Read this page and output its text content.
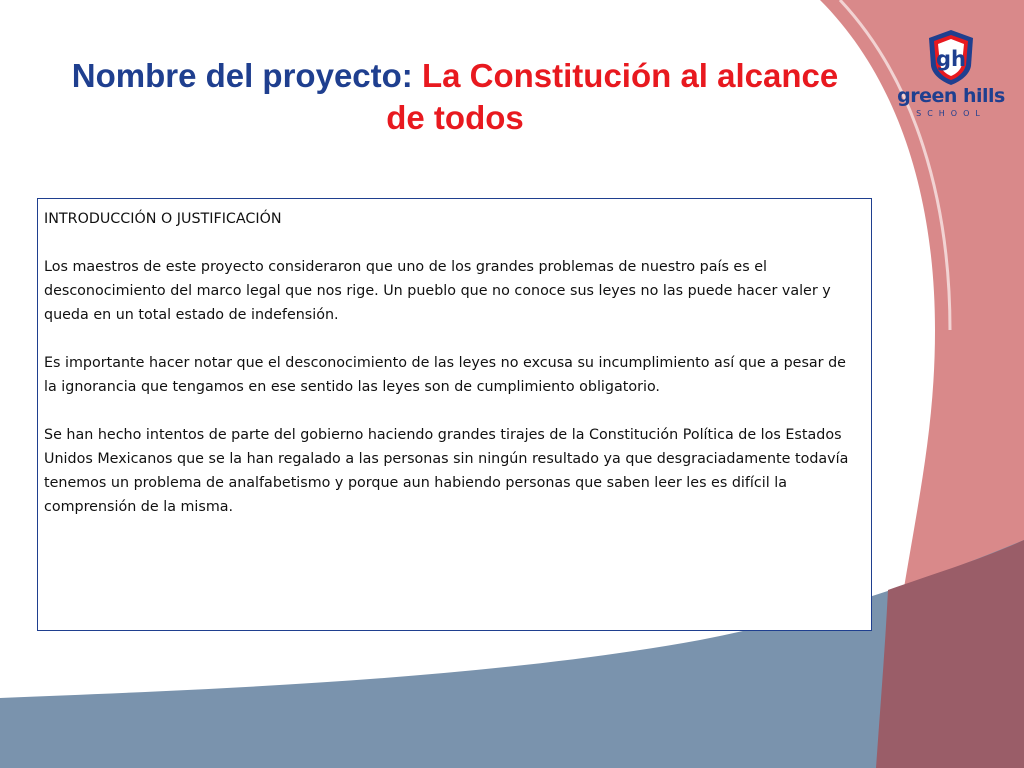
Nombre del proyecto: La Constitución al alcance de todos
gh
green hills
SCHOOL

INTRODUCCIÓN O JUSTIFICACIÓN

Los maestros de este proyecto consideraron que uno de los grandes problemas de nuestro país es el desconocimiento del marco legal que nos rige. Un pueblo que no conoce sus leyes no las puede hacer valer y queda en un total estado de indefensión.

Es importante hacer notar que el desconocimiento de las leyes no excusa su incumplimiento así que a pesar de la ignorancia que tengamos en ese sentido las leyes son de cumplimiento obligatorio.

Se han hecho intentos de parte del gobierno haciendo grandes tirajes de la Constitución Política de los Estados Unidos Mexicanos que se la han regalado a las personas sin ningún resultado ya que desgraciadamente todavía tenemos un problema de analfabetismo y porque aun habiendo personas que saben leer les es difícil la comprensión de la misma.
